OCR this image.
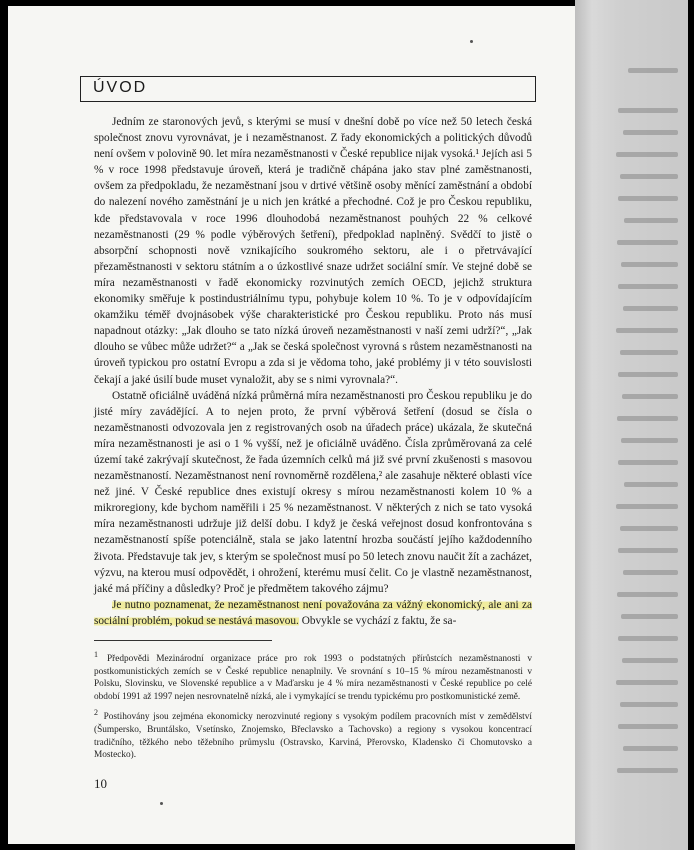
ÚVOD

Jedním ze staronových jevů, s kterými se musí v dnešní době po více než 50 letech česká společnost znovu vyrovnávat, je i nezaměstnanost. Z řady ekonomických a politických důvodů není ovšem v polovině 90. let míra nezaměstnanosti v České republice nijak vysoká.¹ Jejích asi 5 % v roce 1998 představuje úroveň, která je tradičně chápána jako stav plné zaměstnanosti, ovšem za předpokladu, že nezaměstnaní jsou v drtivé většině osoby měnící zaměstnání a období do nalezení nového zaměstnání je u nich jen krátké a přechodné. Což je pro Českou republiku, kde představovala v roce 1996 dlouhodobá nezaměstnanost pouhých 22 % celkové nezaměstnanosti (29 % podle výběrových šetření), předpoklad naplněný. Svědčí to jistě o absorpční schopnosti nově vznikajícího soukromého sektoru, ale i o přetrvávající přezaměstnanosti v sektoru státním a o úzkostlivé snaze udržet sociální smír. Ve stejné době se míra nezaměstnanosti v řadě ekonomicky rozvinutých zemích OECD, jejichž struktura ekonomiky směřuje k postindustriálnímu typu, pohybuje kolem 10 %. To je v odpovídajícím okamžiku téměř dvojnásobek výše charakteristické pro Českou republiku. Proto nás musí napadnout otázky: „Jak dlouho se tato nízká úroveň nezaměstnanosti v naší zemi udrží?“, „Jak dlouho se vůbec může udržet?“ a „Jak se česká společnost vyrovná s růstem nezaměstnanosti na úroveň typickou pro ostatní Evropu a zda si je vědoma toho, jaké problémy ji v této souvislosti čekají a jaké úsilí bude muset vynaložit, aby se s nimi vyrovnala?“.

Ostatně oficiálně uváděná nízká průměrná míra nezaměstnanosti pro Českou republiku je do jisté míry zavádějící. A to nejen proto, že první výběrová šetření (dosud se čísla o nezaměstnanosti odvozovala jen z registrovaných osob na úřadech práce) ukázala, že skutečná míra nezaměstnanosti je asi o 1 % vyšší, než je oficiálně uváděno. Čísla zprůměrovaná za celé území také zakrývají skutečnost, že řada územních celků má již své první zkušenosti s masovou nezaměstnaností. Nezaměstnanost není rovnoměrně rozdělena,² ale zasahuje některé oblasti více než jiné. V České republice dnes existují okresy s mírou nezaměstnanosti kolem 10 % a mikroregiony, kde bychom naměřili i 25 % nezaměstnanost. V některých z nich se tato vysoká míra nezaměstnanosti udržuje již delší dobu. I když je česká veřejnost dosud konfrontována s nezaměstnaností spíše potenciálně, stala se jako latentní hrozba součástí jejího každodenního života. Představuje tak jev, s kterým se společnost musí po 50 letech znovu naučit žít a zacházet, výzvu, na kterou musí odpovědět, i ohrožení, kterému musí čelit. Co je vlastně nezaměstnanost, jaké má příčiny a důsledky? Proč je předmětem takového zájmu?

Je nutno poznamenat, že nezaměstnanost není považována za vážný ekonomický, ale ani za sociální problém, pokud se nestává masovou. Obvykle se vychází z faktu, že sa-

$^1$ Předpovědi Mezinárodní organizace práce pro rok 1993 o podstatných přírůstcích nezaměstnanosti v postkomunistických zemích se v České republice nenaplnily. Ve srovnání s 10–15 % mírou nezaměstnanosti v Polsku, Slovinsku, ve Slovenské republice a v Maďarsku je 4 % míra nezaměstnanosti v České republice po celé období 1991 až 1997 nejen nesrovnatelně nízká, ale i vymykající se trendu typickému pro postkomunistické země.

$^2$ Postihovány jsou zejména ekonomicky nerozvinuté regiony s vysokým podílem pracovních míst v zemědělství (Šumpersko, Bruntálsko, Vsetínsko, Znojemsko, Břeclavsko a Tachovsko) a regiony s vysokou koncentrací tradičního, těžkého nebo těžebního průmyslu (Ostravsko, Karviná, Přerovsko, Kladensko či Chomutovsko a Mostecko).

10
